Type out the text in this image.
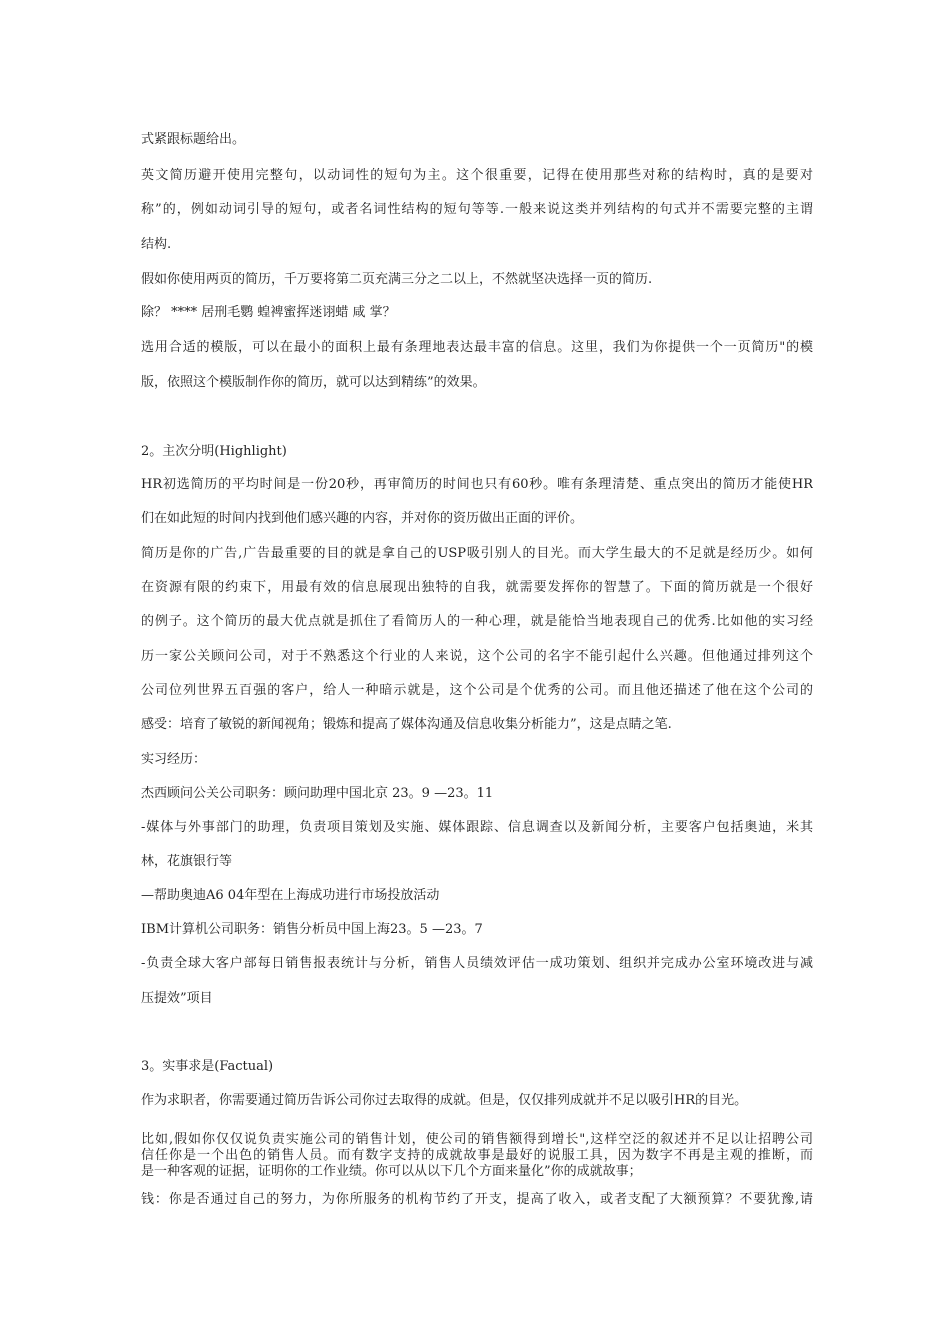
式紧跟标题给出。
英文简历避开使用完整句，以动词性的短句为主。这个很重要，记得在使用那些对称的结构时，真的是要对
称”的，例如动词引导的短句，或者名词性结构的短句等等.一般来说这类并列结构的句式并不需要完整的主谓
结构.
假如你使用两页的简历，千万要将第二页充满三分之二以上，不然就坚决选择一页的简历.
除？ **** 居刑毛鹦 蝗裨蜜挥迷诩蜡 咸 掌？
选用合适的模版，可以在最小的面积上最有条理地表达最丰富的信息。这里，我们为你提供一个一页简历"的模
版，依照这个模版制作你的简历，就可以达到精练”的效果。
2。主次分明(Highlight)
HR初选简历的平均时间是一份20秒，再审简历的时间也只有60秒。唯有条理清楚、重点突出的简历才能使HR
们在如此短的时间内找到他们感兴趣的内容，并对你的资历做出正面的评价。
简历是你的广告,广告最重要的目的就是拿自己的USP吸引别人的目光。而大学生最大的不足就是经历少。如何
在资源有限的约束下，用最有效的信息展现出独特的自我，就需要发挥你的智慧了。下面的简历就是一个很好
的例子。这个简历的最大优点就是抓住了看简历人的一种心理，就是能恰当地表现自己的优秀.比如他的实习经
历一家公关顾问公司，对于不熟悉这个行业的人来说，这个公司的名字不能引起什么兴趣。但他通过排列这个
公司位列世界五百强的客户，给人一种暗示就是，这个公司是个优秀的公司。而且他还描述了他在这个公司的
感受：培育了敏锐的新闻视角；锻炼和提高了媒体沟通及信息收集分析能力”，这是点睛之笔.
实习经历：
杰西顾问公关公司职务：顾问助理中国北京 23。9 —23。11
-媒体与外事部门的助理，负责项目策划及实施、媒体跟踪、信息调查以及新闻分析，主要客户包括奥迪，米其
林，花旗银行等
—帮助奥迪A6 04年型在上海成功进行市场投放活动
IBM计算机公司职务：销售分析员中国上海23。5 —23。7
-负责全球大客户部每日销售报表统计与分析，销售人员绩效评估一成功策划、组织并完成办公室环境改进与减
压提效”项目
3。实事求是(Factual)
作为求职者，你需要通过简历告诉公司你过去取得的成就。但是，仅仅排列成就并不足以吸引HR的目光。
比如,假如你仅仅说负责实施公司的销售计划，使公司的销售额得到增长",这样空泛的叙述并不足以让招聘公司
信任你是一个出色的销售人员。而有数字支持的成就故事是最好的说服工具，因为数字不再是主观的推断，而
是一种客观的证据，证明你的工作业绩。你可以从以下几个方面来量化”你的成就故事；
钱：你是否通过自己的努力，为你所服务的机构节约了开支，提高了收入，或者支配了大额预算？不要犹豫,请
